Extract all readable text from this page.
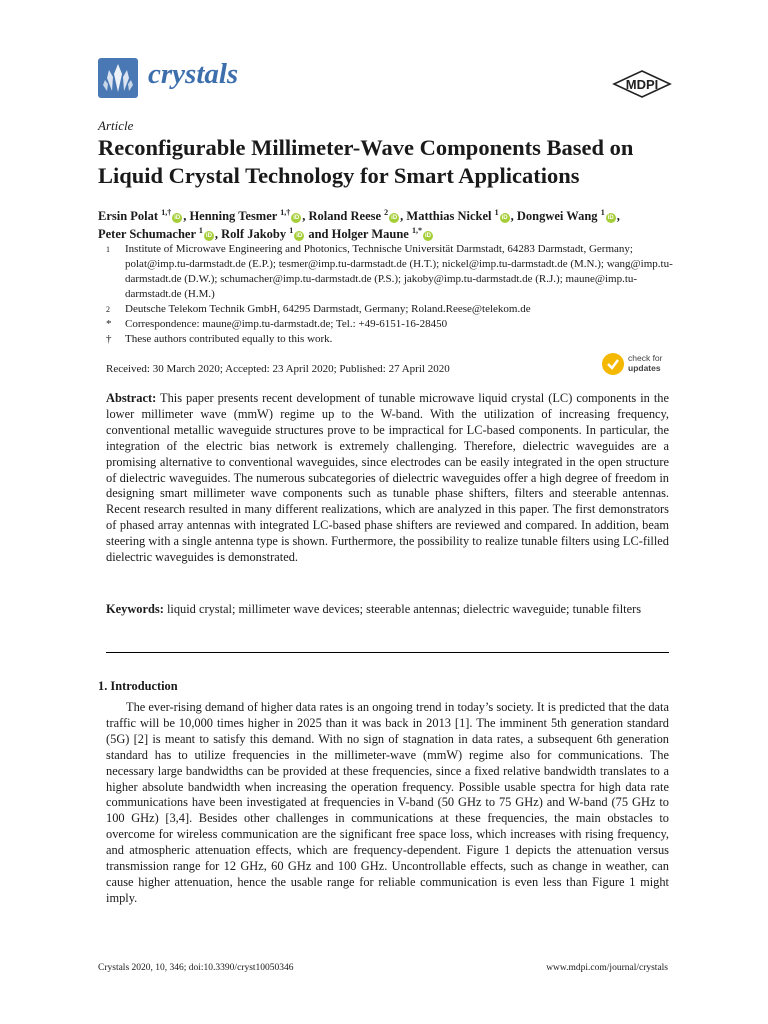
crystals	MDPI
Article
Reconfigurable Millimeter-Wave Components Based on Liquid Crystal Technology for Smart Applications
Ersin Polat $^{1,\dagger}$iD , Henning Tesmer $^{1,\dagger}$iD , Roland Reese $^2$iD , Matthias Nickel $^1$iD , Dongwei Wang $^1$iD ,
Peter Schumacher $^1$iD , Rolf Jakoby $^1$iD and Holger Maune $^{1,*}$iD
1	Institute of Microwave Engineering and Photonics, Technische Universität Darmstadt, 64283 Darmstadt, Germany; polat@imp.tu-darmstadt.de (E.P.); tesmer@imp.tu-darmstadt.de (H.T.); nickel@imp.tu-darmstadt.de (M.N.); wang@imp.tu-darmstadt.de (D.W.); schumacher@imp.tu-darmstadt.de (P.S.); jakoby@imp.tu-darmstadt.de (R.J.); maune@imp.tu-darmstadt.de (H.M.)
2	Deutsche Telekom Technik GmbH, 64295 Darmstadt, Germany; Roland.Reese@telekom.de
*	Correspondence: maune@imp.tu-darmstadt.de; Tel.: +49-6151-16-28450
†	These authors contributed equally to this work.
Received: 30 March 2020; Accepted: 23 April 2020; Published: 27 April 2020
check for
updates
Abstract: This paper presents recent development of tunable microwave liquid crystal (LC) components in the lower millimeter wave (mmW) regime up to the W-band. With the utilization of increasing frequency, conventional metallic waveguide structures prove to be impractical for LC-based components. In particular, the integration of the electric bias network is extremely challenging. Therefore, dielectric waveguides are a promising alternative to conventional waveguides, since electrodes can be easily integrated in the open structure of dielectric waveguides. The numerous subcategories of dielectric waveguides offer a high degree of freedom in designing smart millimeter wave components such as tunable phase shifters, filters and steerable antennas. Recent research resulted in many different realizations, which are analyzed in this paper. The first demonstrators of phased array antennas with integrated LC-based phase shifters are reviewed and compared. In addition, beam steering with a single antenna type is shown. Furthermore, the possibility to realize tunable filters using LC-filled dielectric waveguides is demonstrated.
Keywords: liquid crystal; millimeter wave devices; steerable antennas; dielectric waveguide; tunable filters
1. Introduction
The ever-rising demand of higher data rates is an ongoing trend in today’s society. It is predicted that the data traffic will be 10,000 times higher in 2025 than it was back in 2013 [1]. The imminent 5th generation standard (5G) [2] is meant to satisfy this demand. With no sign of stagnation in data rates, a subsequent 6th generation standard has to utilize frequencies in the millimeter-wave (mmW) regime also for communications. The necessary large bandwidths can be provided at these frequencies, since a fixed relative bandwidth translates to a higher absolute bandwidth when increasing the operation frequency. Possible usable spectra for high data rate communications have been investigated at frequencies in V-band (50 GHz to 75 GHz) and W-band (75 GHz to 100 GHz) [3,4]. Besides other challenges in communications at these frequencies, the main obstacles to overcome for wireless communication are the significant free space loss, which increases with rising frequency, and atmospheric attenuation effects, which are frequency-dependent. Figure 1 depicts the attenuation versus transmission range for 12 GHz, 60 GHz and 100 GHz. Uncontrollable effects, such as change in weather, can cause higher attenuation, hence the usable range for reliable communication is even less than Figure 1 might imply.
Crystals 2020, 10, 346; doi:10.3390/cryst10050346	www.mdpi.com/journal/crystals
